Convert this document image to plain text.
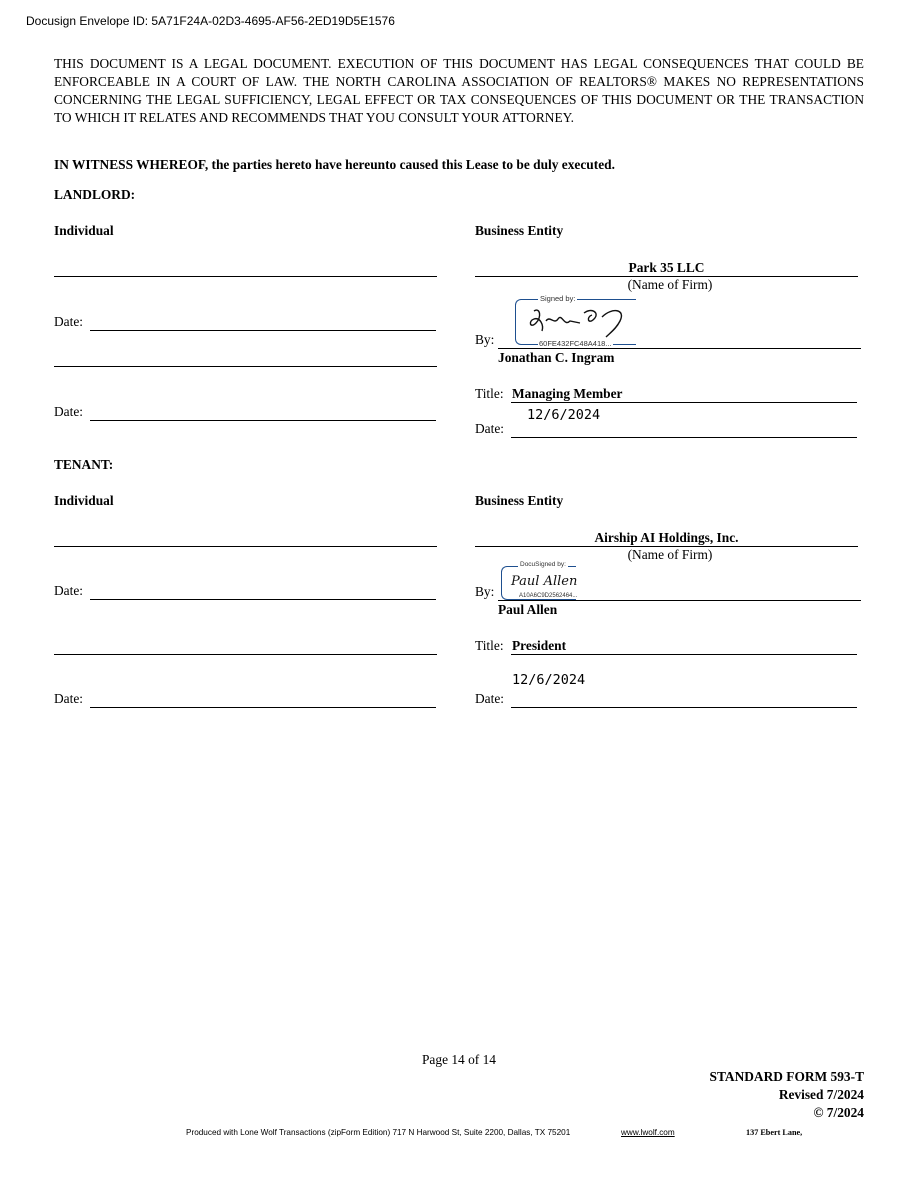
Docusign Envelope ID: 5A71F24A-02D3-4695-AF56-2ED19D5E1576
THIS DOCUMENT IS A LEGAL DOCUMENT. EXECUTION OF THIS DOCUMENT HAS LEGAL CONSEQUENCES THAT COULD BE ENFORCEABLE IN A COURT OF LAW. THE NORTH CAROLINA ASSOCIATION OF REALTORS® MAKES NO REPRESENTATIONS CONCERNING THE LEGAL SUFFICIENCY, LEGAL EFFECT OR TAX CONSEQUENCES OF THIS DOCUMENT OR THE TRANSACTION TO WHICH IT RELATES AND RECOMMENDS THAT YOU CONSULT YOUR ATTORNEY.
IN WITNESS WHEREOF, the parties hereto have hereunto caused this Lease to be duly executed.
LANDLORD:
Individual	Business Entity
Date:
Date:
Park 35 LLC
(Name of Firm)
Signed by:
60FE432FC48A418...
By:
Jonathan C. Ingram
Title: Managing Member
12/6/2024
Date:
TENANT:
Individual	Business Entity
Date:
Date:
Airship AI Holdings, Inc.
(Name of Firm)
DocuSigned by:
Paul Allen
A10A6C9D2562464...
By:
Paul Allen
Title: President
12/6/2024
Date:
Page 14 of 14
STANDARD FORM 593-T
Revised 7/2024
© 7/2024
Produced with Lone Wolf Transactions (zipForm Edition) 717 N Harwood St, Suite 2200, Dallas, TX 75201	www.lwolf.com	137 Ebert Lane,
